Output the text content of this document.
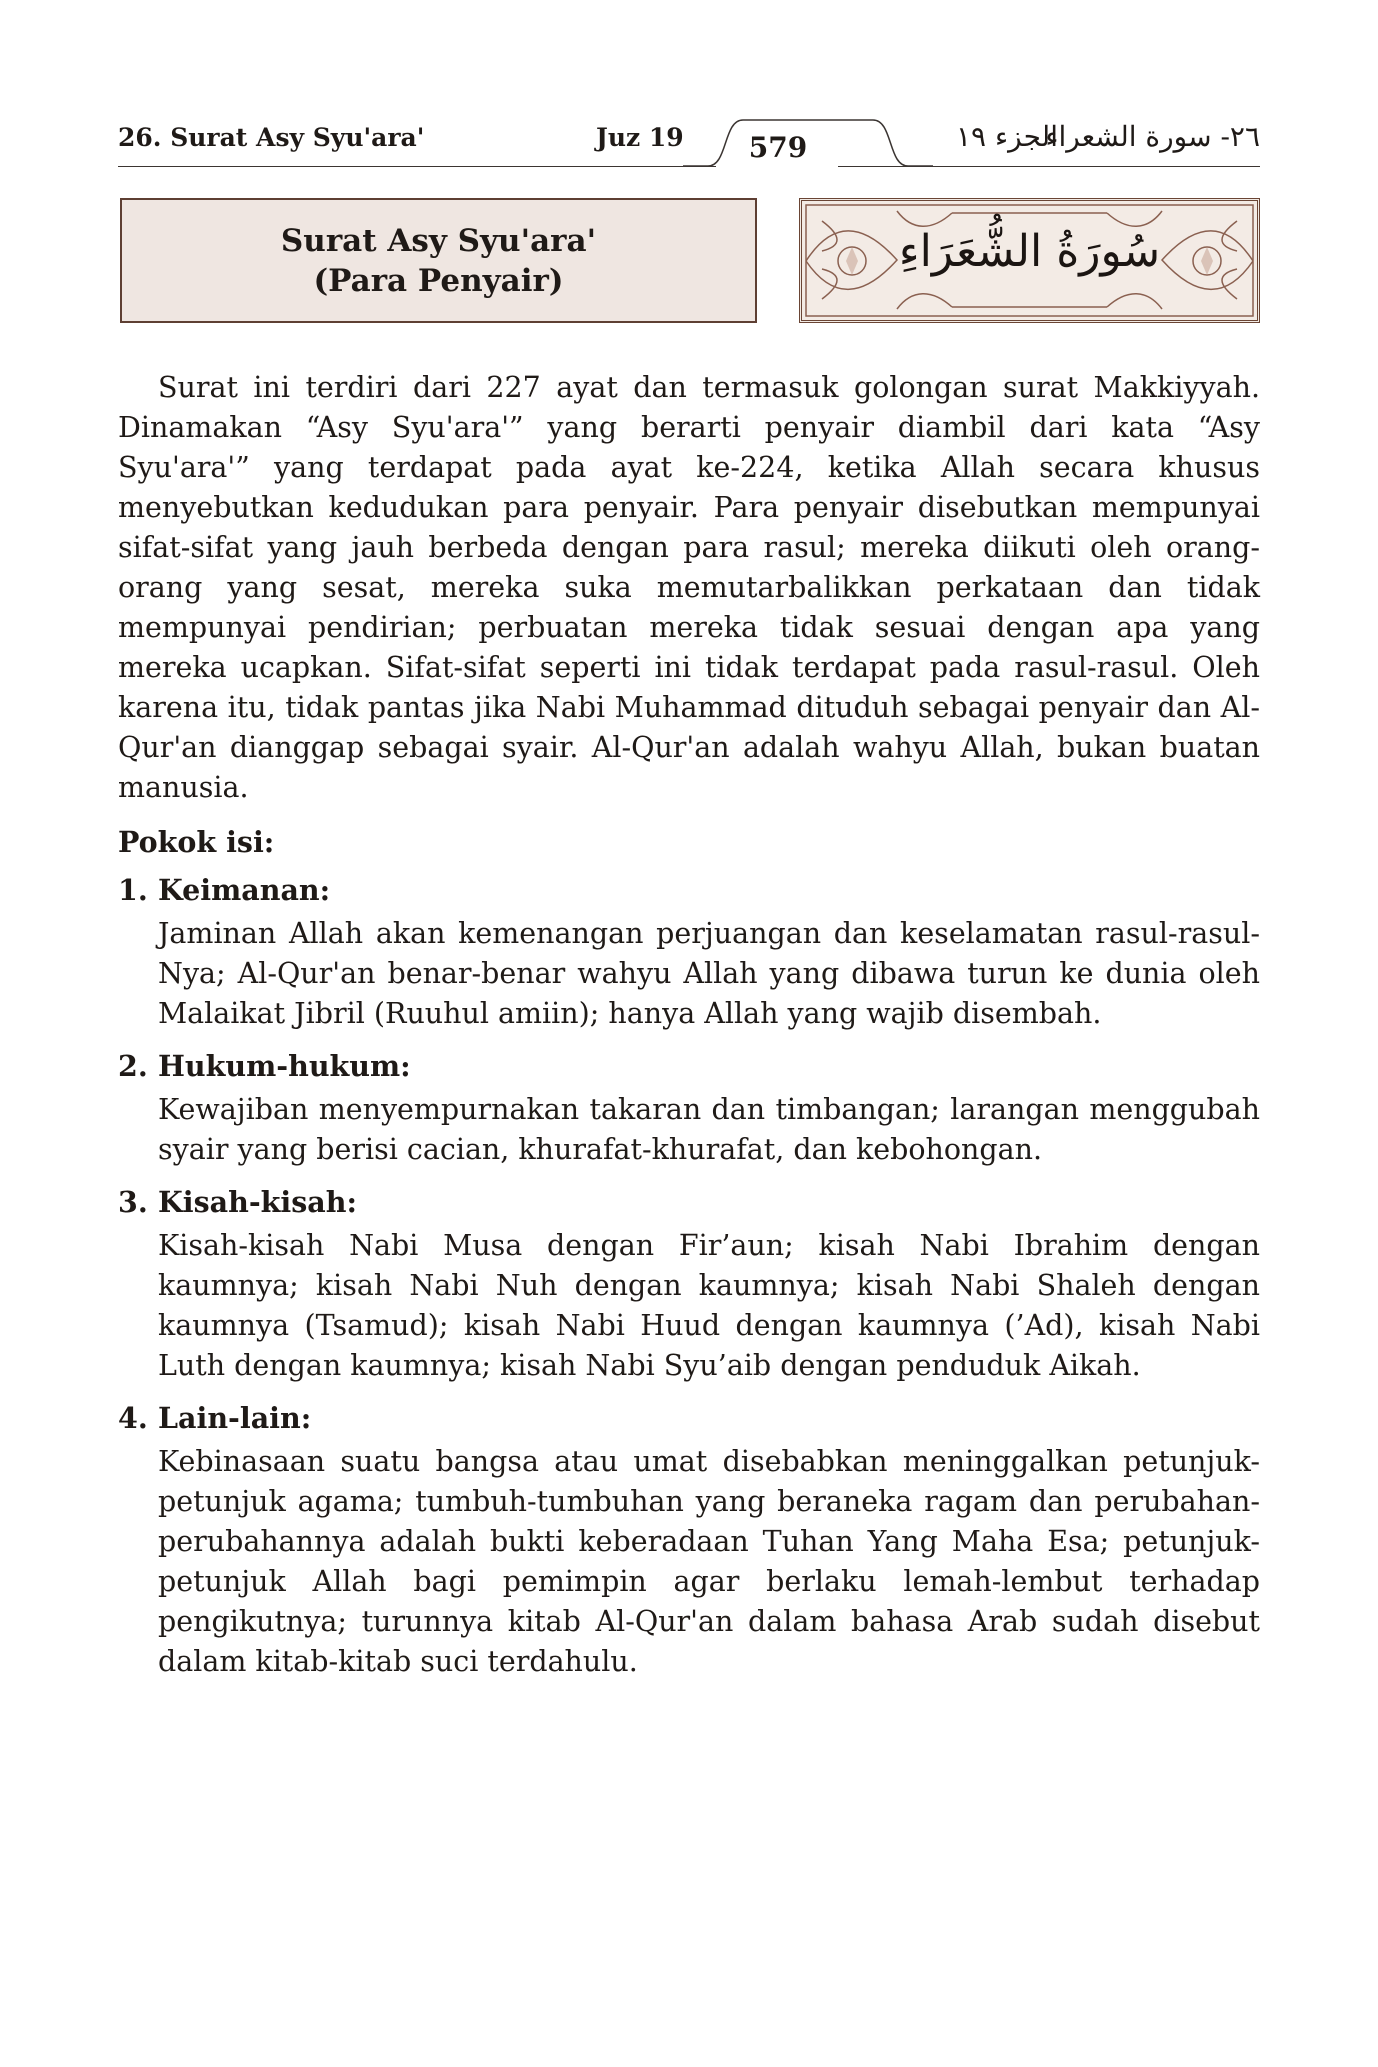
26. Surat Asy Syu'ara'	Juz 19	579	الجزء ١٩
٢٦- سورة الشعراء
Surat Asy Syu'ara'
(Para Penyair)
سُورَةُ الشُّعَرَاءِ

Surat ini terdiri dari 227 ayat dan termasuk golongan surat Makkiyyah. Dinamakan “Asy Syu'ara'” yang berarti penyair diambil dari kata “Asy Syu'ara'” yang terdapat pada ayat ke-224, ketika Allah secara khusus menyebutkan kedudukan para penyair. Para penyair disebutkan mempunyai sifat-sifat yang jauh berbeda dengan para rasul; mereka diikuti oleh orang-orang yang sesat, mereka suka memutarbalikkan perkataan dan tidak mempunyai pendirian; perbuatan mereka tidak sesuai dengan apa yang mereka ucapkan. Sifat-sifat seperti ini tidak terdapat pada rasul-rasul. Oleh karena itu, tidak pantas jika Nabi Muhammad dituduh sebagai penyair dan Al-Qur'an dianggap sebagai syair. Al-Qur'an adalah wahyu Allah, bukan buatan manusia.

Pokok isi:
1. Keimanan:

Jaminan Allah akan kemenangan perjuangan dan keselamatan rasul-rasul-Nya; Al-Qur'an benar-benar wahyu Allah yang dibawa turun ke dunia oleh Malaikat Jibril (Ruuhul amiin); hanya Allah yang wajib disembah.

2. Hukum-hukum:

Kewajiban menyempurnakan takaran dan timbangan; larangan menggubah syair yang berisi cacian, khurafat-khurafat, dan kebohongan.

3. Kisah-kisah:

Kisah-kisah Nabi Musa dengan Fir’aun; kisah Nabi Ibrahim dengan kaumnya; kisah Nabi Nuh dengan kaumnya; kisah Nabi Shaleh dengan kaumnya (Tsamud); kisah Nabi Huud dengan kaumnya (’Ad), kisah Nabi Luth dengan kaumnya; kisah Nabi Syu’aib dengan penduduk Aikah.

4. Lain-lain:

Kebinasaan suatu bangsa atau umat disebabkan meninggalkan petunjuk-petunjuk agama; tumbuh-tumbuhan yang beraneka ragam dan perubahan-perubahannya adalah bukti keberadaan Tuhan Yang Maha Esa; petunjuk-petunjuk Allah bagi pemimpin agar berlaku lemah-lembut terhadap pengikutnya; turunnya kitab Al-Qur'an dalam bahasa Arab sudah disebut dalam kitab-kitab suci terdahulu.
